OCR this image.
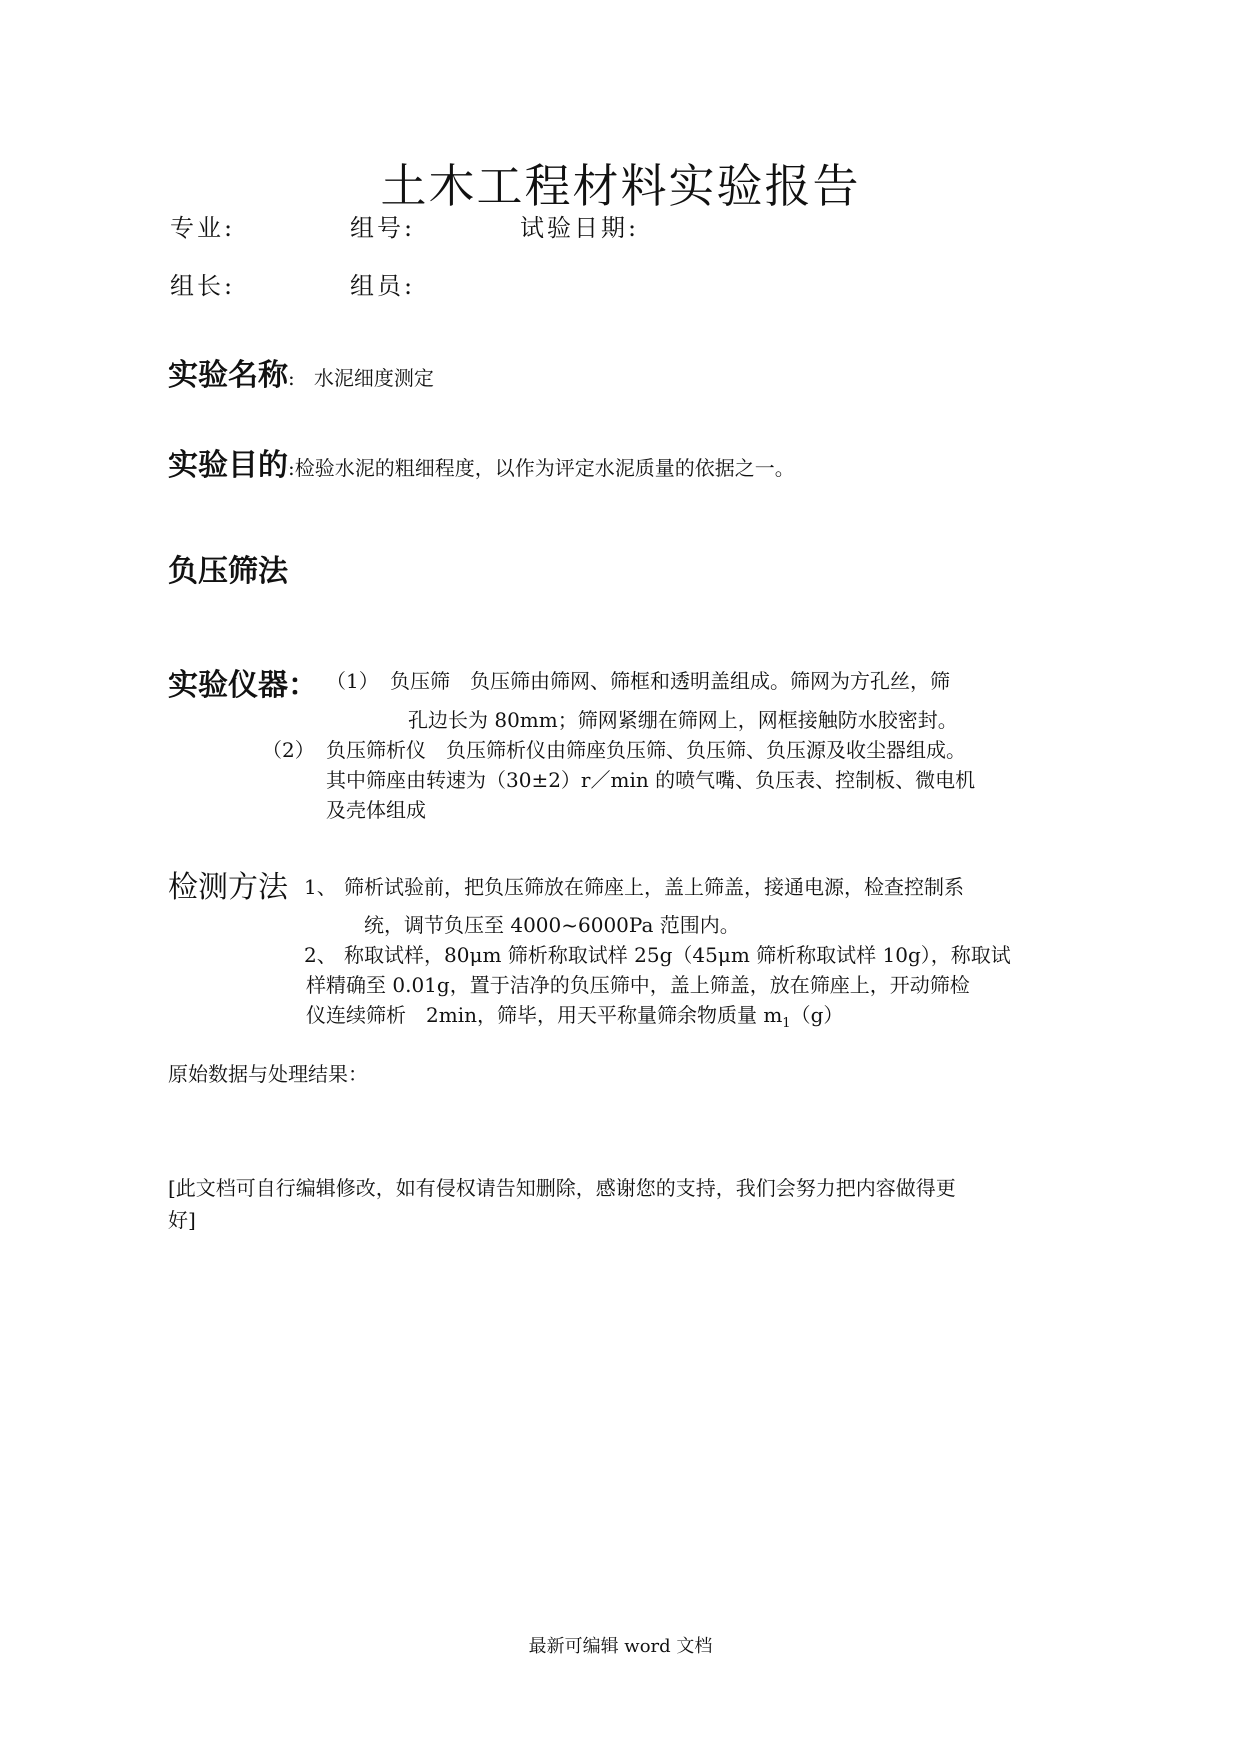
土木工程材料实验报告
专业:	组号:	试验日期:
组长:	组员:
实验名称: 水泥细度测定
实验目的:检验水泥的粗细程度，以作为评定水泥质量的依据之一。
负压筛法
实验仪器： （1） 负压筛　负压筛由筛网、筛框和透明盖组成。筛网为方孔丝，筛
孔边长为 80mm；筛网紧绷在筛网上，网框接触防水胶密封。
（2） 负压筛析仪　负压筛析仪由筛座负压筛、负压筛、负压源及收尘器组成。
其中筛座由转速为（30±2）r／min 的喷气嘴、负压表、控制板、微电机
及壳体组成
检测方法 1、 筛析试验前，把负压筛放在筛座上，盖上筛盖，接通电源，检查控制系
统，调节负压至 4000~6000Pa 范围内。
2、 称取试样，80μm 筛析称取试样 25g（45μm 筛析称取试样 10g），称取试
样精确至 0.01g，置于洁净的负压筛中，盖上筛盖，放在筛座上，开动筛检
仪连续筛析　2min，筛毕，用天平称量筛余物质量 $m_1(g)$
原始数据与处理结果：
[此文档可自行编辑修改，如有侵权请告知删除，感谢您的支持，我们会努力把内容做得更
好]
最新可编辑 word 文档
